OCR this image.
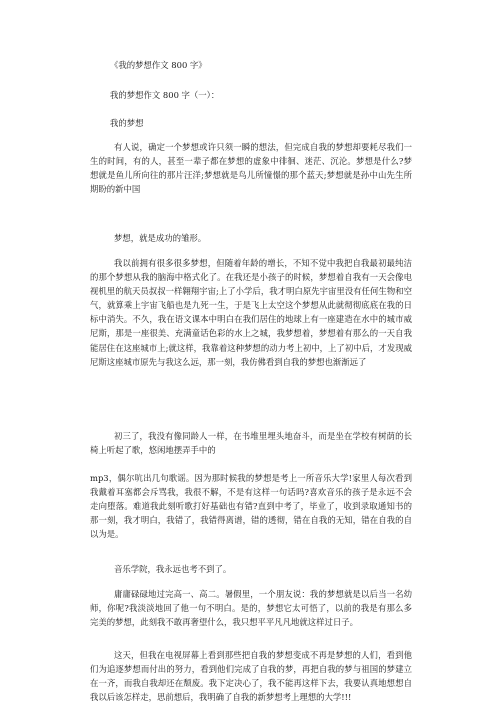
《我的梦想作文 800 字》

我的梦想作文 800 字（一）：

我的梦想

有人说，确定一个梦想或许只须一瞬的想法，但完成自我的梦想却要耗尽我们一生的时间，有的人，甚至一辈子都在梦想的虚象中徘徊、迷茫、沉沦。梦想是什么?梦想就是鱼儿所向往的那片汪洋;梦想就是鸟儿所憧憬的那个蓝天;梦想就是孙中山先生所期盼的新中国

梦想，就是成功的雏形。

我以前拥有很多很多梦想，但随着年龄的增长，不知不觉中我把自我最初最纯洁的那个梦想从我的脑海中格式化了。在我还是小孩子的时候，梦想着自我有一天会像电视机里的航天员叔叔一样翱翔宇宙;上了小学后，我才明白原先宇宙里没有任何生物和空气，就算乘上宇宙飞船也是九死一生，于是飞上太空这个梦想从此就彻彻底底在我的日标中消失。不久，我在语文课本中明白在我们居住的地球上有一座建造在水中的城市威尼斯，那是一座很美、充满童话色彩的水上之城，我梦想着，梦想着有那么的一天自我能居住在这座城市上;就这样，我靠着这种梦想的动力考上初中，上了初中后，才发现威尼斯这座城市原先与我这么远，那一刻，我仿佛看到自我的梦想也渐渐远了

初三了，我没有像同龄人一样，在书堆里埋头地奋斗，而是坐在学校有树荫的长椅上听起了歌，悠闲地摆弄手中的

mp3，偶尔吭出几句歌谣。因为那时候我的梦想是考上一所音乐大学!家里人每次看到我戴着耳塞都会斥骂我，我很不解，不是有这样一句话吗?喜欢音乐的孩子是永远不会走向堕落。难道我此刻听歌打好基础也有错?直到中考了，毕业了，收到录取通知书的那一刻，我才明白，我错了，我错得离谱，错的透彻，错在自我的无知，错在自我的自以为是。

音乐学院，我永远也考不到了。

庸庸碌碌地过完高一、高二。暑假里，一个朋友说：我的梦想就是以后当一名幼师，你呢?我淡淡地回了他一句不明白。是的，梦想它太可悟了，以前的我是有那么多完美的梦想，此刻我不敢再奢望什么，我只想平平凡凡地就这样过日子。

这天，但我在电视屏幕上看到那些把自我的梦想变成不再是梦想的人们，看到他们为追逐梦想而付出的努力，看到他们完成了自我的梦，再把自我的梦与祖国的梦建立在一齐，而我自我却还在颓废。我下定决心了，我不能再这样下去，我要认真地想想自我以后该怎样走，思前想后，我明确了自我的新梦想考上理想的大学!!!
